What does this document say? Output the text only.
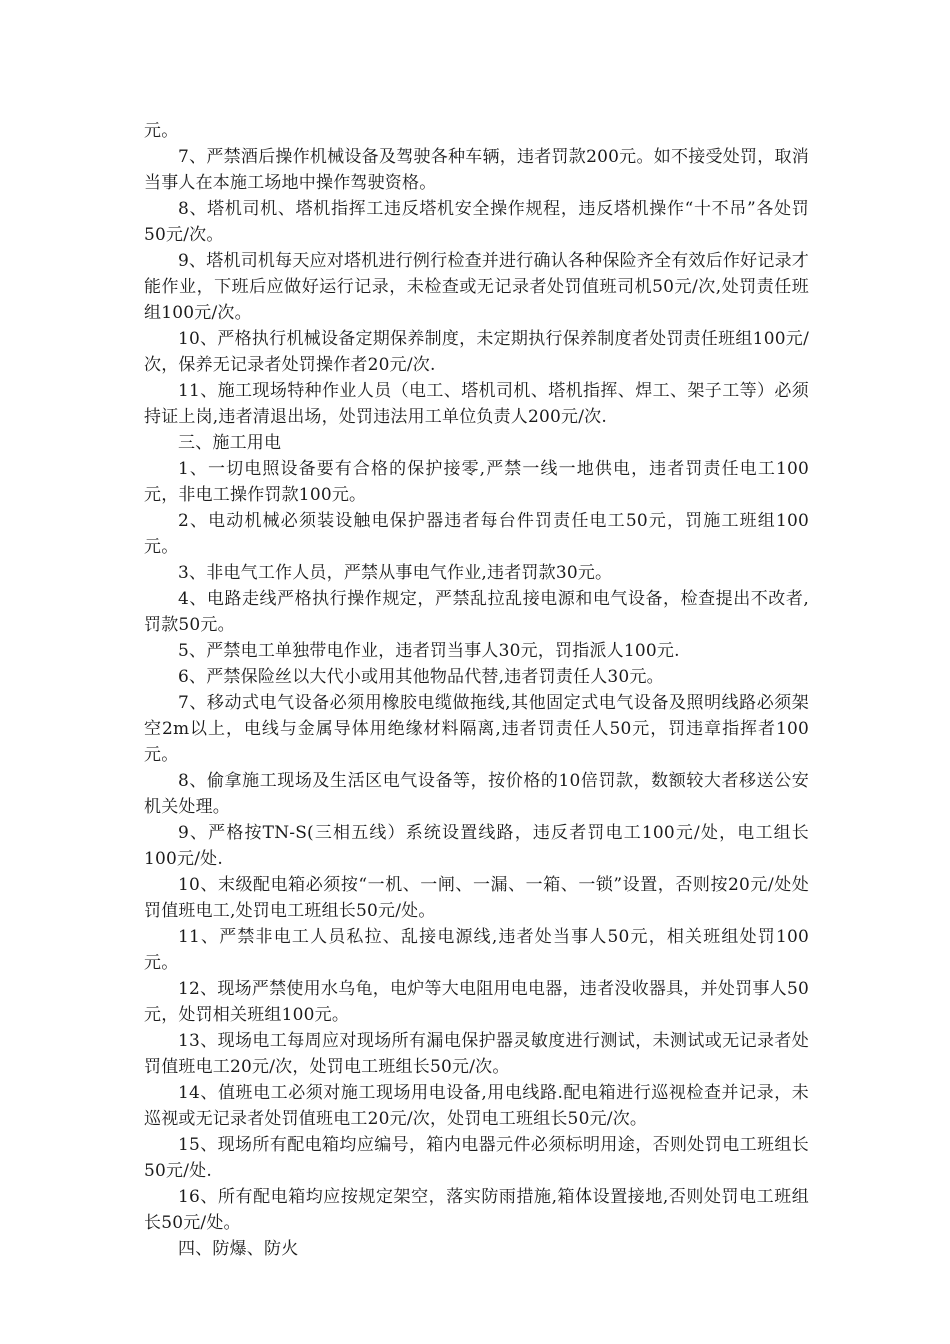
元。

7、严禁酒后操作机械设备及驾驶各种车辆，违者罚款200元。如不接受处罚，取消当事人在本施工场地中操作驾驶资格。

8、塔机司机、塔机指挥工违反塔机安全操作规程，违反塔机操作“十不吊”各处罚50元/次。

9、塔机司机每天应对塔机进行例行检查并进行确认各种保险齐全有效后作好记录才能作业，下班后应做好运行记录，未检查或无记录者处罚值班司机50元/次,处罚责任班组100元/次。

10、严格执行机械设备定期保养制度，未定期执行保养制度者处罚责任班组100元/次，保养无记录者处罚操作者20元/次.

11、施工现场特种作业人员（电工、塔机司机、塔机指挥、焊工、架子工等）必须持证上岗,违者清退出场，处罚违法用工单位负责人200元/次.

三、施工用电

1、一切电照设备要有合格的保护接零,严禁一线一地供电，违者罚责任电工100元，非电工操作罚款100元。

2、电动机械必须装设触电保护器违者每台件罚责任电工50元，罚施工班组100元。

3、非电气工作人员，严禁从事电气作业,违者罚款30元。

4、电路走线严格执行操作规定，严禁乱拉乱接电源和电气设备，检查提出不改者,罚款50元。

5、严禁电工单独带电作业，违者罚当事人30元，罚指派人100元.

6、严禁保险丝以大代小或用其他物品代替,违者罚责任人30元。

7、移动式电气设备必须用橡胶电缆做拖线,其他固定式电气设备及照明线路必须架空2m以上，电线与金属导体用绝缘材料隔离,违者罚责任人50元，罚违章指挥者100元。

8、偷拿施工现场及生活区电气设备等，按价格的10倍罚款，数额较大者移送公安机关处理。

9、严格按TN-S(三相五线）系统设置线路，违反者罚电工100元/处，电工组长100元/处.

10、末级配电箱必须按“一机、一闸、一漏、一箱、一锁”设置，否则按20元/处处罚值班电工,处罚电工班组长50元/处。

11、严禁非电工人员私拉、乱接电源线,违者处当事人50元，相关班组处罚100元。

12、现场严禁使用水乌龟，电炉等大电阻用电电器，违者没收器具，并处罚事人50元，处罚相关班组100元。

13、现场电工每周应对现场所有漏电保护器灵敏度进行测试，未测试或无记录者处罚值班电工20元/次，处罚电工班组长50元/次。

14、值班电工必须对施工现场用电设备,用电线路.配电箱进行巡视检查并记录，未巡视或无记录者处罚值班电工20元/次，处罚电工班组长50元/次。

15、现场所有配电箱均应编号，箱内电器元件必须标明用途，否则处罚电工班组长50元/处.

16、所有配电箱均应按规定架空，落实防雨措施,箱体设置接地,否则处罚电工班组长50元/处。

四、防爆、防火
